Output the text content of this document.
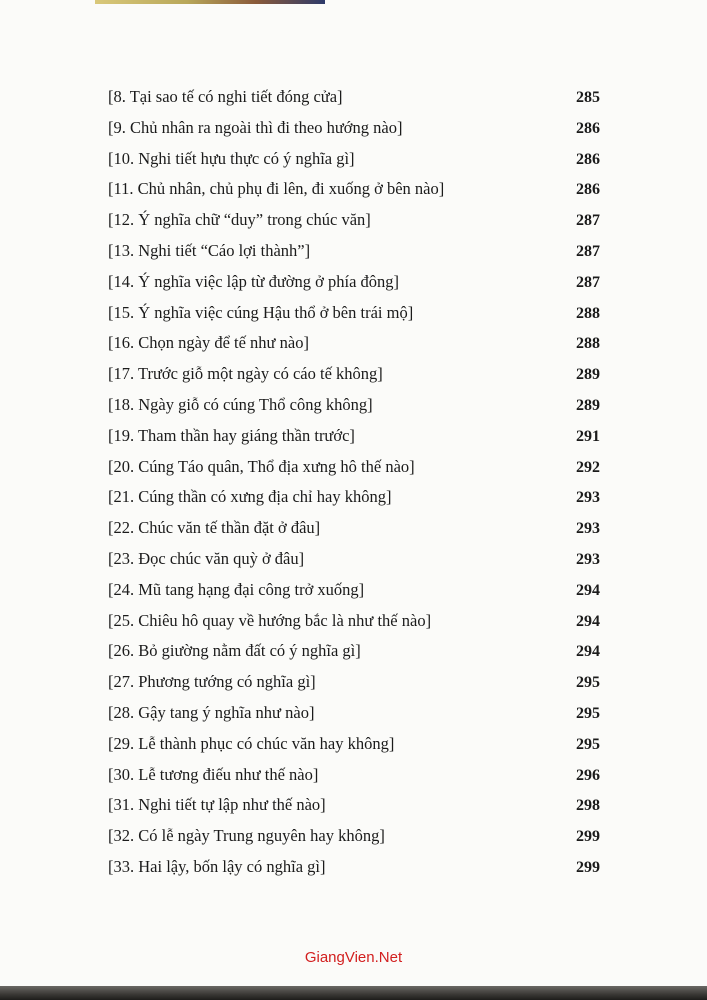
[8. Tại sao tế có nghi tiết đóng cửa]	285
[9. Chủ nhân ra ngoài thì đi theo hướng nào]	286
[10. Nghi tiết hựu thực có ý nghĩa gì]	286
[11. Chủ nhân, chủ phụ đi lên, đi xuống ở bên nào]	286
[12. Ý nghĩa chữ “duy” trong chúc văn]	287
[13. Nghi tiết “Cáo lợi thành”]	287
[14. Ý nghĩa việc lập từ đường ở phía đông]	287
[15. Ý nghĩa việc cúng Hậu thổ ở bên trái mộ]	288
[16. Chọn ngày để tế như nào]	288
[17. Trước giỗ một ngày có cáo tế không]	289
[18. Ngày giỗ có cúng Thổ công không]	289
[19. Tham thần hay giáng thần trước]	291
[20. Cúng Táo quân, Thổ địa xưng hô thế nào]	292
[21. Cúng thần có xưng địa chỉ hay không]	293
[22. Chúc văn tế thần đặt ở đâu]	293
[23. Đọc chúc văn quỳ ở đâu]	293
[24. Mũ tang hạng đại công trở xuống]	294
[25. Chiêu hô quay về hướng bắc là như thế nào]	294
[26. Bỏ giường nằm đất có ý nghĩa gì]	294
[27. Phương tướng có nghĩa gì]	295
[28. Gậy tang ý nghĩa như nào]	295
[29. Lễ thành phục có chúc văn hay không]	295
[30. Lễ tương điếu như thế nào]	296
[31. Nghi tiết tự lập như thế nào]	298
[32. Có lễ ngày Trung nguyên hay không]	299
[33. Hai lậy, bốn lậy có nghĩa gì]	299
GiangVien.Net
